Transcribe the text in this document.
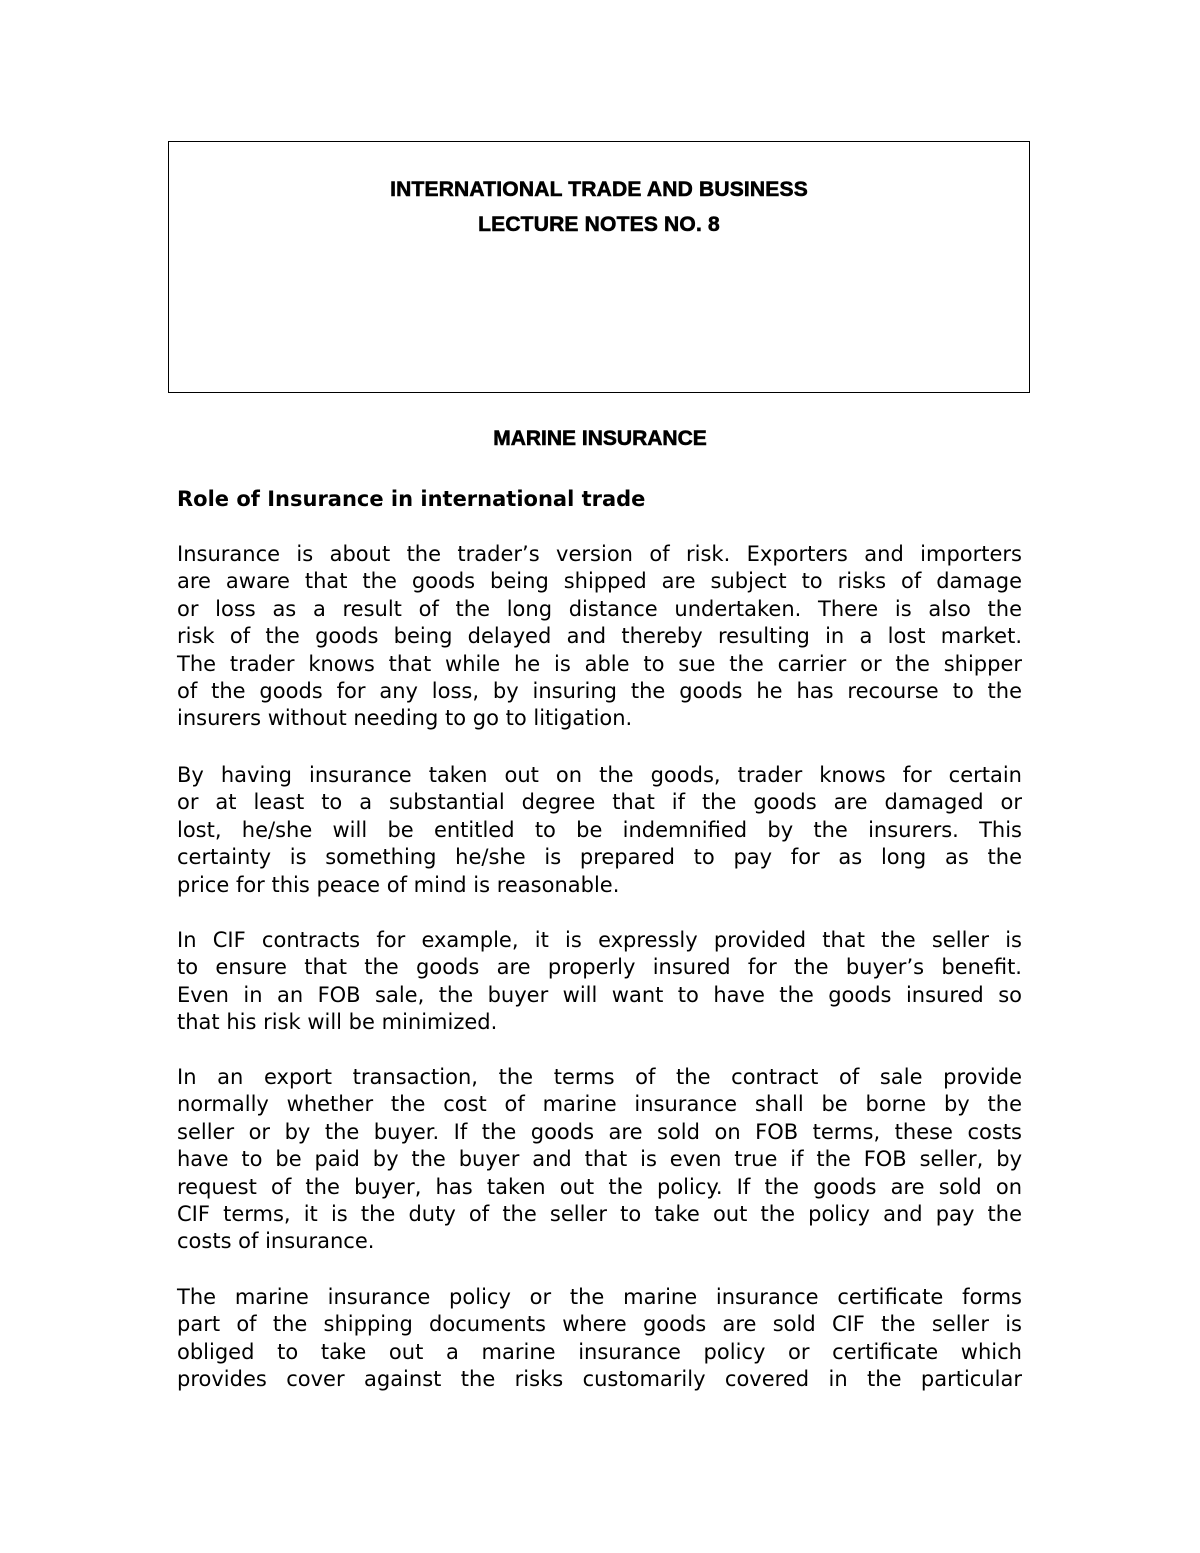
INTERNATIONAL TRADE AND BUSINESS
LECTURE NOTES NO. 8
MARINE INSURANCE
Role of Insurance in international trade
Insurance is about the trader’s version of risk. Exporters and importers
are aware that the goods being shipped are subject to risks of damage
or loss as a result of the long distance undertaken. There is also the
risk of the goods being delayed and thereby resulting in a lost market.
The trader knows that while he is able to sue the carrier or the shipper
of the goods for any loss, by insuring the goods he has recourse to the
insurers without needing to go to litigation.
By having insurance taken out on the goods, trader knows for certain
or at least to a substantial degree that if the goods are damaged or
lost, he/she will be entitled to be indemnified by the insurers. This
certainty is something he/she is prepared to pay for as long as the
price for this peace of mind is reasonable.
In CIF contracts for example, it is expressly provided that the seller is
to ensure that the goods are properly insured for the buyer’s benefit.
Even in an FOB sale, the buyer will want to have the goods insured so
that his risk will be minimized.
In an export transaction, the terms of the contract of sale provide
normally whether the cost of marine insurance shall be borne by the
seller or by the buyer. If the goods are sold on FOB terms, these costs
have to be paid by the buyer and that is even true if the FOB seller, by
request of the buyer, has taken out the policy. If the goods are sold on
CIF terms, it is the duty of the seller to take out the policy and pay the
costs of insurance.
The marine insurance policy or the marine insurance certificate forms
part of the shipping documents where goods are sold CIF the seller is
obliged to take out a marine insurance policy or certificate which
provides cover against the risks customarily covered in the particular
